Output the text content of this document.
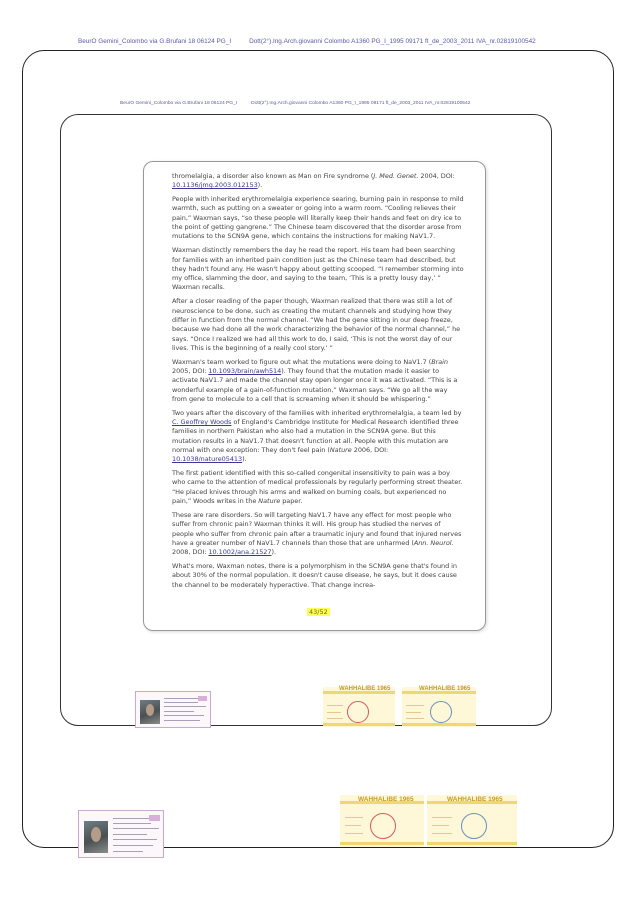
BeurO Gemini_Colombo via G.Brufani 18 06124 PG_I	Dott(2°).Ing.Arch.giovanni Colombo A1360 PG_I_1995 09171 ft_de_2003_2011 IVA_nr.02819100542
BeurO Gemini_Colombo via G.Brufani 18 06124 PG_I	Dott(2°).Ing.Arch.giovanni Colombo A1360 PG_I_1995 09171 ft_de_2003_2011 IVA_nr.02819100542

thromelalgia, a disorder also known as Man on Fire syndrome (J. Med. Genet. 2004, DOI: 10.1136/jmg.2003.012153).

People with inherited erythromelalgia experience searing, burning pain in response to mild warmth, such as putting on a sweater or going into a warm room. “Cooling relieves their pain,” Waxman says, “so these people will literally keep their hands and feet on dry ice to the point of getting gangrene.” The Chinese team discovered that the disorder arose from mutations to the SCN9A gene, which contains the instructions for making NaV1.7.

Waxman distinctly remembers the day he read the report. His team had been searching for families with an inherited pain condition just as the Chinese team had described, but they hadn't found any. He wasn't happy about getting scooped. “I remember storming into my office, slamming the door, and saying to the team, ‘This is a pretty lousy day,’ ” Waxman recalls.

After a closer reading of the paper though, Waxman realized that there was still a lot of neuroscience to be done, such as creating the mutant channels and studying how they differ in function from the normal channel. “We had the gene sitting in our deep freeze, because we had done all the work characterizing the behavior of the normal channel,” he says. “Once I realized we had all this work to do, I said, ‘This is not the worst day of our lives. This is the beginning of a really cool story.’ ”

Waxman's team worked to figure out what the mutations were doing to NaV1.7 (Brain 2005, DOI: 10.1093/brain/awh514). They found that the mutation made it easier to activate NaV1.7 and made the channel stay open longer once it was activated. “This is a wonderful example of a gain-of-function mutation,” Waxman says. “We go all the way from gene to molecule to a cell that is screaming when it should be whispering.”

Two years after the discovery of the families with inherited erythromelalgia, a team led by C. Geoffrey Woods of England's Cambridge Institute for Medical Research identified three families in northern Pakistan who also had a mutation in the SCN9A gene. But this mutation results in a NaV1.7 that doesn't function at all. People with this mutation are normal with one exception: They don't feel pain (Nature 2006, DOI: 10.1038/nature05413).

The first patient identified with this so-called congenital insensitivity to pain was a boy who came to the attention of medical professionals by regularly performing street theater. “He placed knives through his arms and walked on burning coals, but experienced no pain,” Woods writes in the Nature paper.

These are rare disorders. So will targeting NaV1.7 have any effect for most people who suffer from chronic pain? Waxman thinks it will. His group has studied the nerves of people who suffer from chronic pain after a traumatic injury and found that injured nerves have a greater number of NaV1.7 channels than those that are unharmed (Ann. Neurol. 2008, DOI: 10.1002/ana.21527).

What's more, Waxman notes, there is a polymorphism in the SCN9A gene that's found in about 30% of the normal population. It doesn't cause disease, he says, but it does cause the channel to be moderately hyperactive. That change increa-

43/52
WAHHALIBE 1965	WAHHALIBE 1965
WAHHALIBE 1965	WAHHALIBE 1965
